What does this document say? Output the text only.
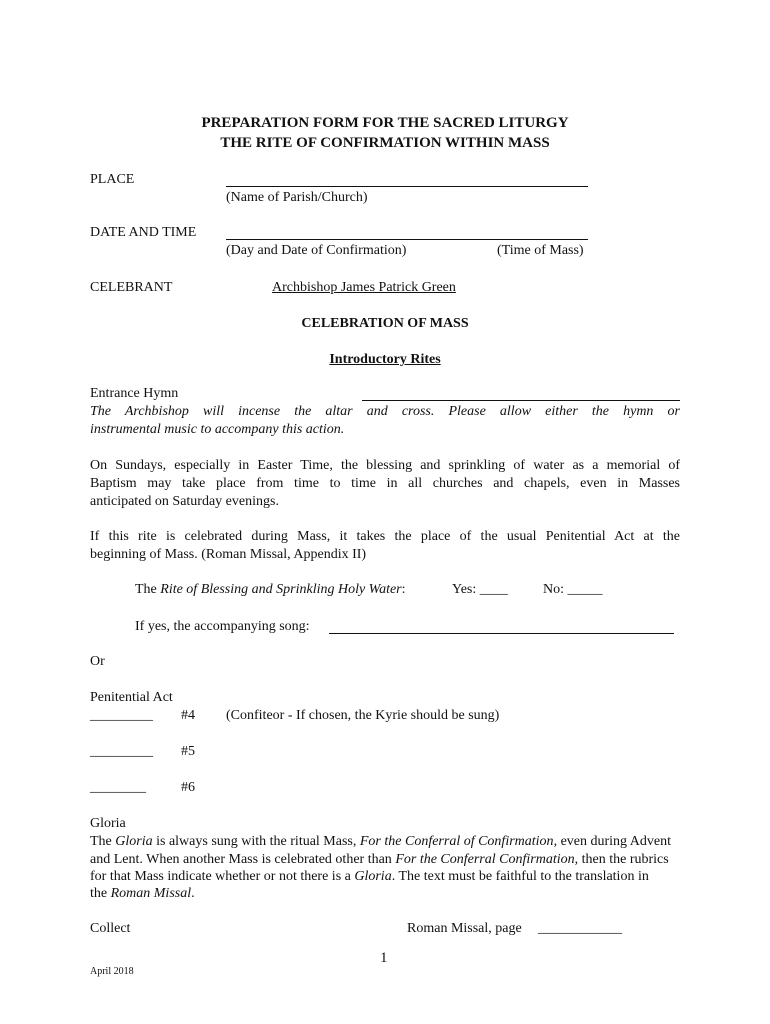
PREPARATION FORM FOR THE SACRED LITURGY
THE RITE OF CONFIRMATION WITHIN MASS
PLACE
(Name of Parish/Church)
DATE AND TIME
(Day and Date of Confirmation)	(Time of Mass)
CELEBRANT	Archbishop James Patrick Green
CELEBRATION OF MASS
Introductory Rites
Entrance Hymn
The Archbishop will incense the altar and cross. Please allow either the hymn or
instrumental music to accompany this action.
On Sundays, especially in Easter Time, the blessing and sprinkling of water as a memorial of
Baptism may take place from time to time in all churches and chapels, even in Masses
anticipated on Saturday evenings.
If this rite is celebrated during Mass, it takes the place of the usual Penitential Act at the
beginning of Mass. (Roman Missal, Appendix II)
The Rite of Blessing and Sprinkling Holy Water:	Yes: ____	No: _____
If yes, the accompanying song:
Or
Penitential Act
_________ #4 (Confiteor - If chosen, the Kyrie should be sung)
_________ #5
________	#6
Gloria
The Gloria is always sung with the ritual Mass, For the Conferral of Confirmation, even during Advent
and Lent. When another Mass is celebrated other than For the Conferral Confirmation, then the rubrics
for that Mass indicate whether or not there is a Gloria. The text must be faithful to the translation in
the Roman Missal.
Collect	Roman Missal, page ____________
1
April 2018
